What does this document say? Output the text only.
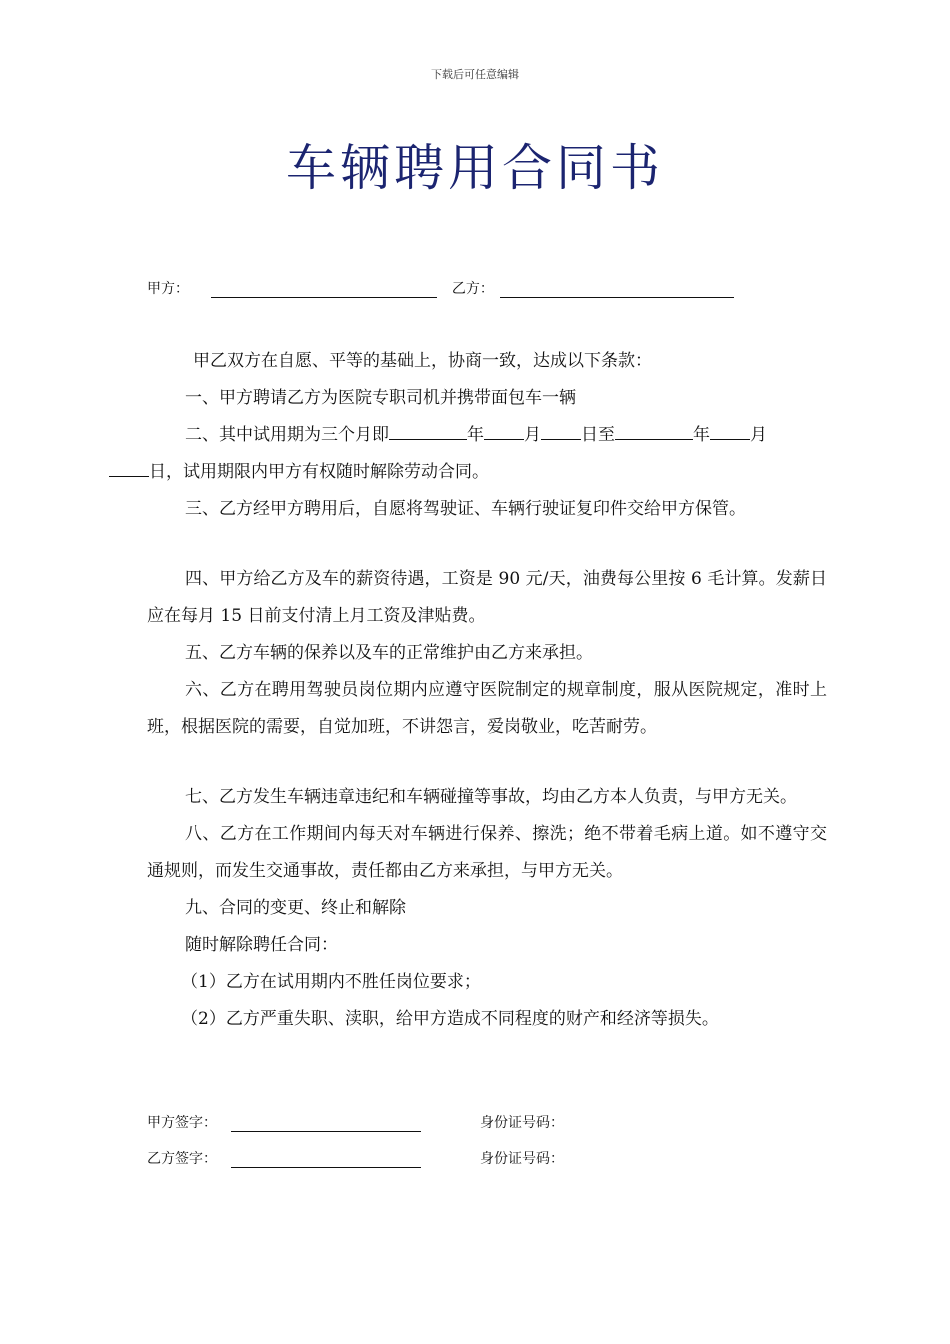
下载后可任意编辑
车辆聘用合同书
甲方：	乙方：

甲乙双方在自愿、平等的基础上，协商一致，达成以下条款：

一、甲方聘请乙方为医院专职司机并携带面包车一辆

二、其中试用期为三个月即	年 月 日至	年 月
日，试用期限内甲方有权随时解除劳动合同。

三、乙方经甲方聘用后，自愿将驾驶证、车辆行驶证复印件交给甲方保管。

四、甲方给乙方及车的薪资待遇，工资是 90 元/天，油费每公里按 6 毛计算。发薪日应在每月 15 日前支付清上月工资及津贴费。

五、乙方车辆的保养以及车的正常维护由乙方来承担。

六、乙方在聘用驾驶员岗位期内应遵守医院制定的规章制度，服从医院规定，准时上班，根据医院的需要，自觉加班，不讲怨言，爱岗敬业，吃苦耐劳。

七、乙方发生车辆违章违纪和车辆碰撞等事故，均由乙方本人负责，与甲方无关。

八、乙方在工作期间内每天对车辆进行保养、擦洗；绝不带着毛病上道。如不遵守交通规则，而发生交通事故，责任都由乙方来承担，与甲方无关。

九、合同的变更、终止和解除

随时解除聘任合同：

（1）乙方在试用期内不胜任岗位要求；

（2）乙方严重失职、渎职，给甲方造成不同程度的财产和经济等损失。

甲方签字：	身份证号码：
乙方签字：	身份证号码：
